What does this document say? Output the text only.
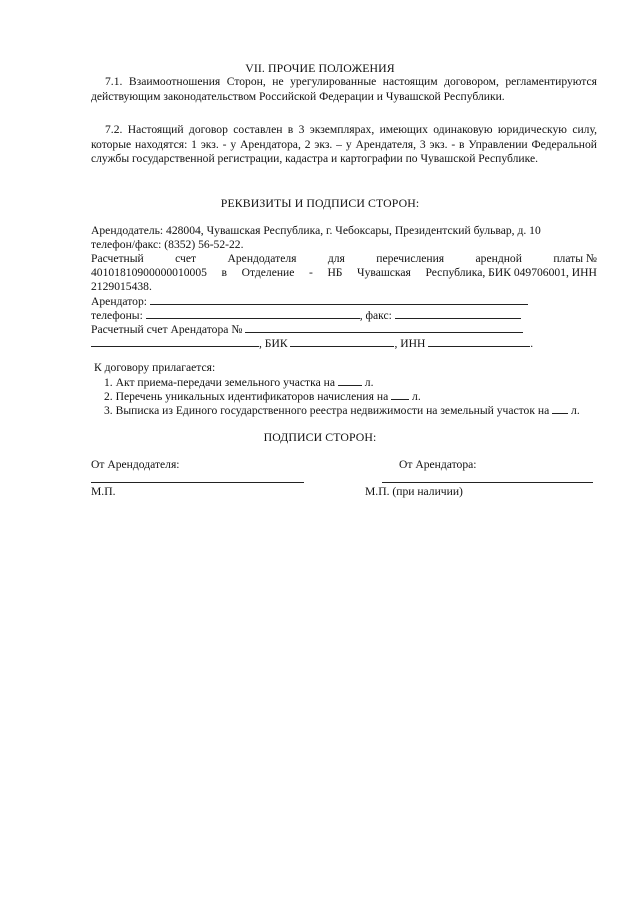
VII. ПРОЧИЕ ПОЛОЖЕНИЯ
7.1. Взаимоотношения Сторон, не урегулированные настоящим договором, регламентируются действующим законодательством Российской Федерации и Чувашской Республики.
7.2. Настоящий договор составлен в 3 экземплярах, имеющих одинаковую юридическую силу, которые находятся: 1 экз. - у Арендатора, 2 экз. – у Арендателя, 3 экз. - в Управлении Федеральной службы государственной регистрации, кадастра и картографии по Чувашской Республике.
РЕКВИЗИТЫ И ПОДПИСИ СТОРОН:
Арендодатель: 428004, Чувашская Республика, г. Чебоксары, Президентский бульвар, д. 10
телефон/факс: (8352) 56-52-22.
Расчетный	счет	Арендодателя	для	перечисления	арендной	платы №
40101810900000010005 в Отделение - НБ Чувашская Республика, БИК 049706001, ИНН
2129015438.
Арендатор:
телефоны:	, факс:
Расчетный счет Арендатора №
, БИК	, ИНН	.
К договору прилагается:
1. Акт приема-передачи земельного участка на	л.
2. Перечень уникальных идентификаторов начисления на л.
3. Выписка из Единого государственного реестра недвижимости на земельный участок на л.
ПОДПИСИ СТОРОН:
От Арендодателя:	От Арендатора:
М.П.	М.П. (при наличии)
